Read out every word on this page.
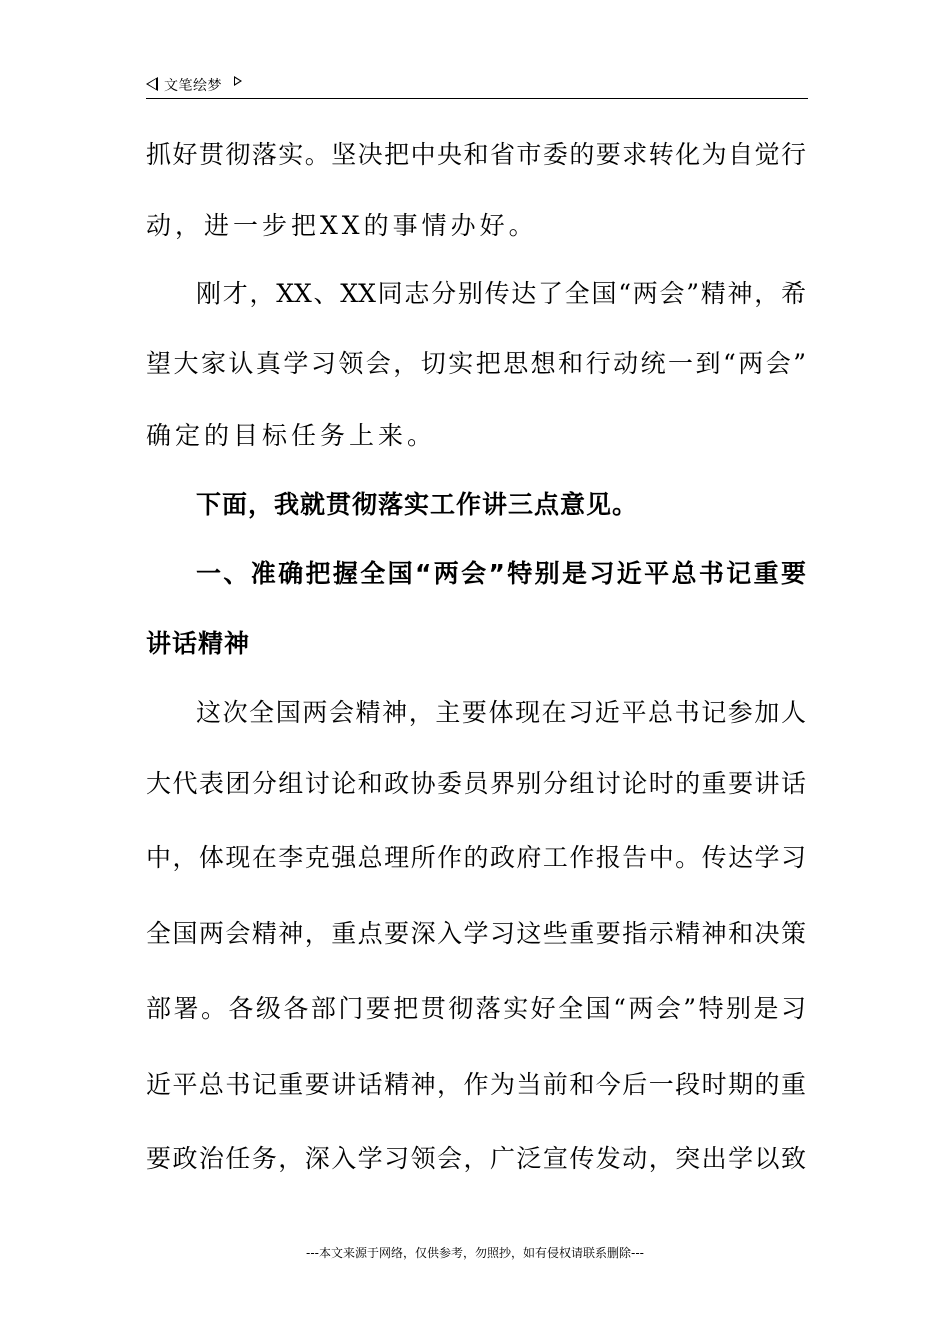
文笔绘梦
抓好贯彻落实。坚决把中央和省市委的要求转化为自觉行
动，进一步把XX的事情办好。
刚才，XX、XX同志分别传达了全国“两会”精神，希
望大家认真学习领会，切实把思想和行动统一到“两会”
确定的目标任务上来。
下面，我就贯彻落实工作讲三点意见。
一、准确把握全国“两会”特别是习近平总书记重要
讲话精神
这次全国两会精神，主要体现在习近平总书记参加人
大代表团分组讨论和政协委员界别分组讨论时的重要讲话
中，体现在李克强总理所作的政府工作报告中。传达学习
全国两会精神，重点要深入学习这些重要指示精神和决策
部署。各级各部门要把贯彻落实好全国“两会”特别是习
近平总书记重要讲话精神，作为当前和今后一段时期的重
要政治任务，深入学习领会，广泛宣传发动，突出学以致
---本文来源于网络，仅供参考，勿照抄，如有侵权请联系删除---
